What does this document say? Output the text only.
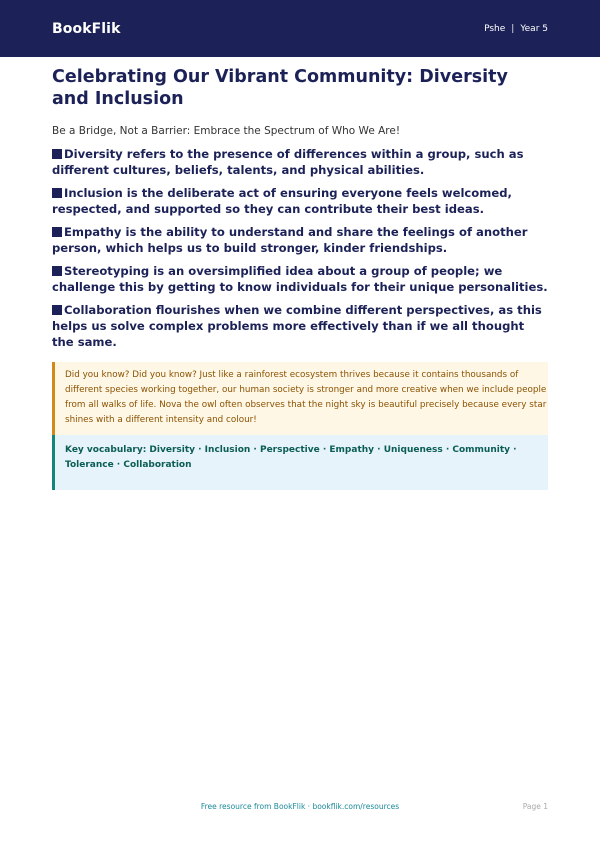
BookFlik	Pshe | Year 5
Celebrating Our Vibrant Community: Diversity and Inclusion

Be a Bridge, Not a Barrier: Embrace the Spectrum of Who We Are!

Diversity refers to the presence of differences within a group, such as different cultures, beliefs, talents, and physical abilities.
Inclusion is the deliberate act of ensuring everyone feels welcomed, respected, and supported so they can contribute their best ideas.
Empathy is the ability to understand and share the feelings of another person, which helps us to build stronger, kinder friendships.
Stereotyping is an oversimplified idea about a group of people; we challenge this by getting to know individuals for their unique personalities.
Collaboration flourishes when we combine different perspectives, as this helps us solve complex problems more effectively than if we all thought the same.
Did you know? Did you know? Just like a rainforest ecosystem thrives because it contains thousands of different species working together, our human society is stronger and more creative when we include people from all walks of life. Nova the owl often observes that the night sky is beautiful precisely because every star shines with a different intensity and colour!
Key vocabulary: Diversity · Inclusion · Perspective · Empathy · Uniqueness · Community · Tolerance · Collaboration
Free resource from BookFlik · bookflik.com/resources	Page 1
